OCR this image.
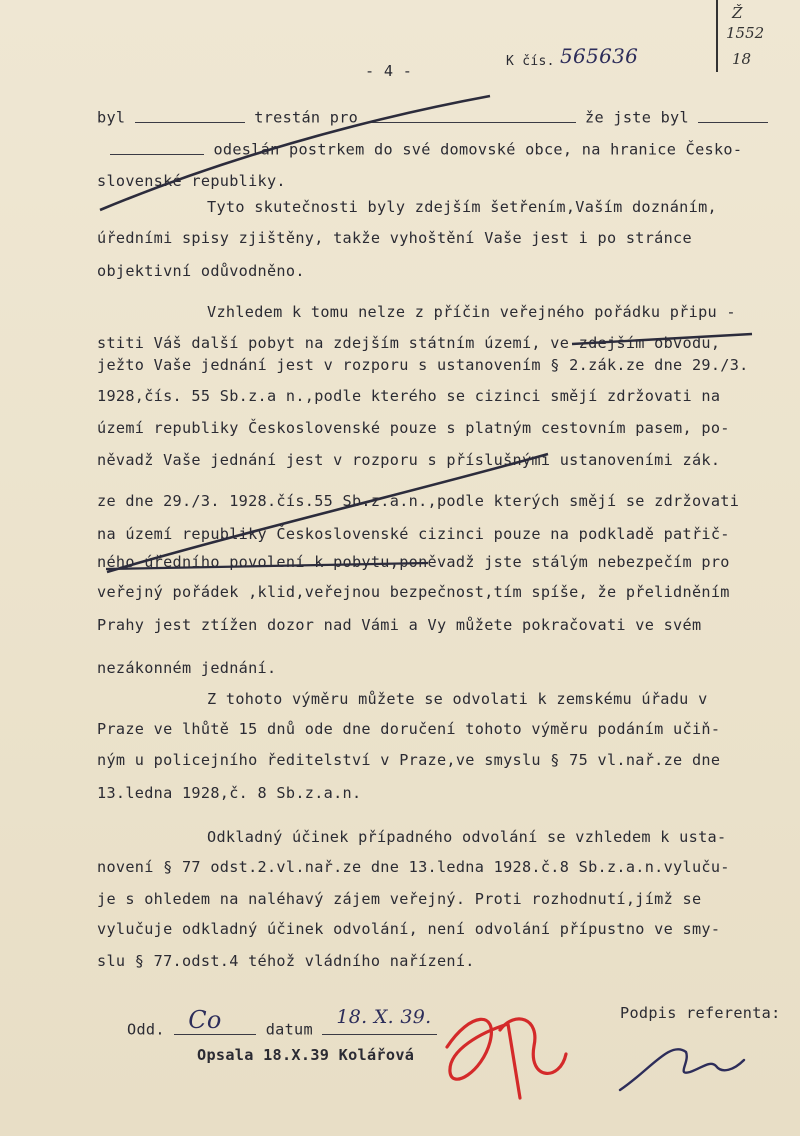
- 4 -
K čís. 565636
Ž
1552
18
byl	trestán pro	že jste byl
odeslán postrkem do své domovské obce, na hranice Česko-
slovenské republiky.
Tyto skutečnosti byly zdejším šetřením,Vaším doznáním,
úředními spisy zjištěny, takže vyhoštění Vaše jest i po stránce
objektivní odůvodněno.
Vzhledem k tomu nelze z příčin veřejného pořádku připu -
stiti Váš další pobyt na zdejším státním území, ve zdejším obvodu,
ježto Vaše jednání jest v rozporu s ustanovením § 2.zák.ze dne 29./3.
1928,čís. 55 Sb.z.a n.,podle kterého se cizinci smějí zdržovati na
území republiky Československé pouze s platným cestovním pasem, po-
něvadž Vaše jednání jest v rozporu s příslušnými ustanoveními zák.
ze dne 29./3. 1928.čís.55 Sb.z.a.n.,podle kterých smějí se zdržovati
na území republiky Československé cizinci pouze na podkladě patřič-
ného úředního povolení k pobytu,poněvadž jste stálým nebezpečím pro
veřejný pořádek ,klid,veřejnou bezpečnost,tím spíše, že přelidněním
Prahy jest ztížen dozor nad Vámi a Vy můžete pokračovati ve svém
nezákonném jednání.
Z tohoto výměru můžete se odvolati k zemskému úřadu v
Praze ve lhůtě 15 dnů ode dne doručení tohoto výměru podáním učiň-
ným u policejního ředitelství v Praze,ve smyslu § 75 vl.nař.ze dne
13.ledna 1928,č. 8 Sb.z.a.n.
Odkladný účinek případného odvolání se vzhledem k usta-
novení § 77 odst.2.vl.nař.ze dne 13.ledna 1928.č.8 Sb.z.a.n.vyluču-
je s ohledem na naléhavý zájem veřejný. Proti rozhodnutí,jímž se
vylučuje odkladný účinek odvolání, není odvolání přípustno ve smy-
slu § 77.odst.4 téhož vládního nařízení.
Odd. Co	datum
18. X. 39.
Opsala 18.X.39 Kolářová
Podpis referenta:
